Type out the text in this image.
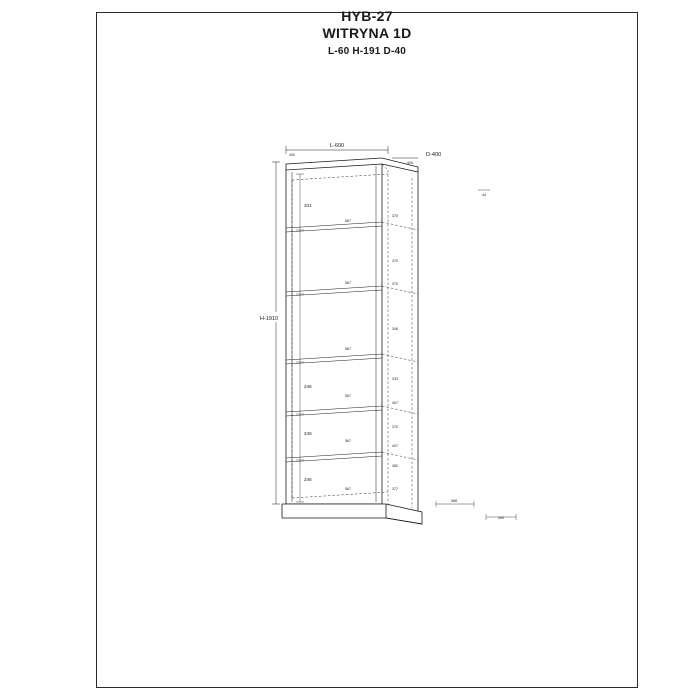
HYB-27
WITRYNA 1D
L-60 H-191 D-40
L-600
400	D-400
400
H-1910
341
246
246
246
370
370
370
346
333
407
370
407
380
377
567
567
567
567
567
567
44
588
400
